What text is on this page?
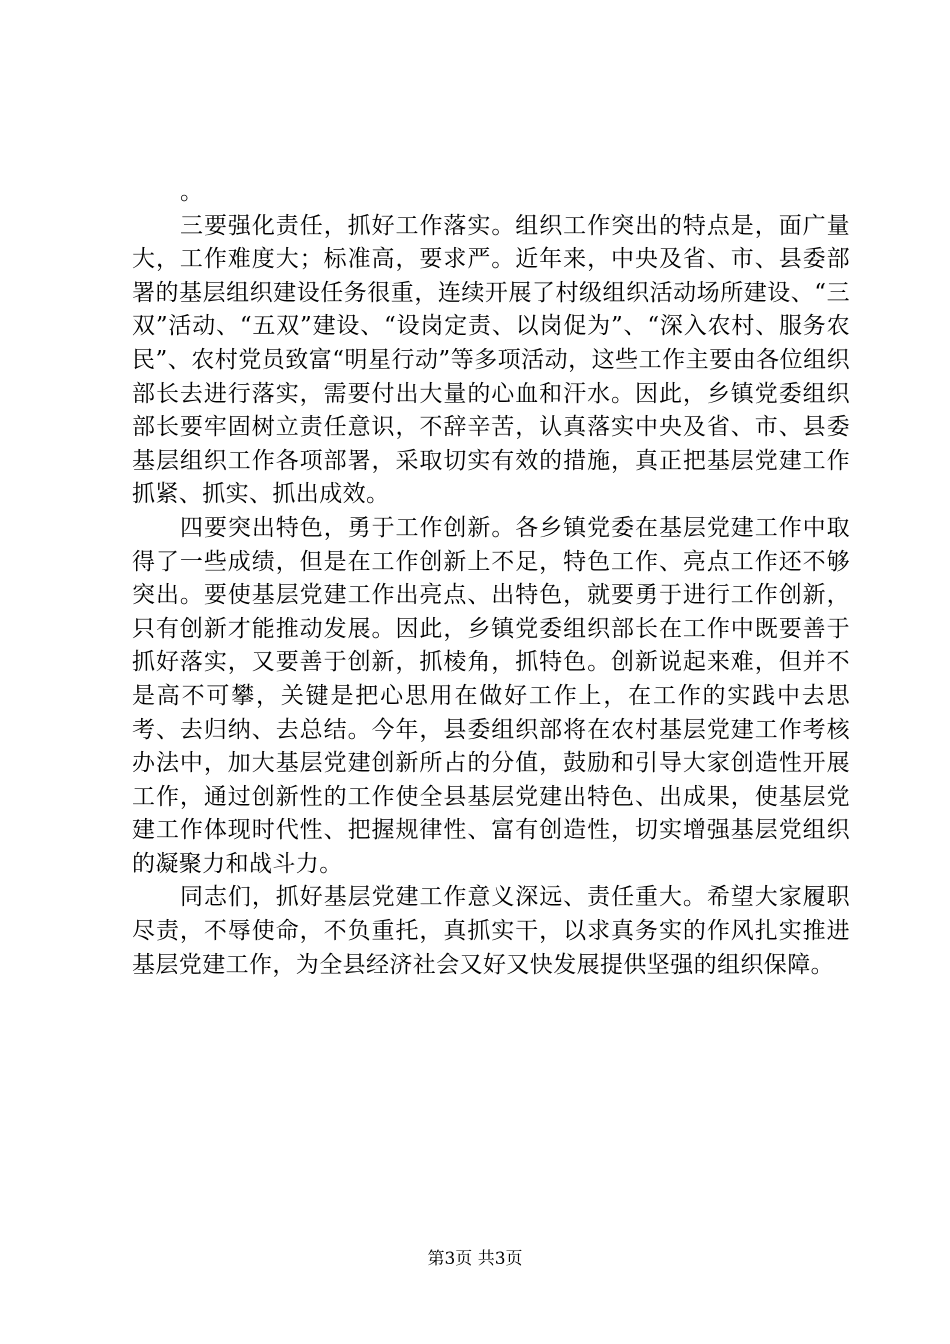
。

三要强化责任，抓好工作落实。组织工作突出的特点是，面广量大，工作难度大；标准高，要求严。近年来，中央及省、市、县委部署的基层组织建设任务很重，连续开展了村级组织活动场所建设、“三双”活动、“五双”建设、“设岗定责、以岗促为”、“深入农村、服务农民”、农村党员致富“明星行动”等多项活动，这些工作主要由各位组织部长去进行落实，需要付出大量的心血和汗水。因此，乡镇党委组织部长要牢固树立责任意识，不辞辛苦，认真落实中央及省、市、县委基层组织工作各项部署，采取切实有效的措施，真正把基层党建工作抓紧、抓实、抓出成效。

四要突出特色，勇于工作创新。各乡镇党委在基层党建工作中取得了一些成绩，但是在工作创新上不足，特色工作、亮点工作还不够突出。要使基层党建工作出亮点、出特色，就要勇于进行工作创新，只有创新才能推动发展。因此，乡镇党委组织部长在工作中既要善于抓好落实，又要善于创新，抓棱角，抓特色。创新说起来难，但并不是高不可攀，关键是把心思用在做好工作上，在工作的实践中去思考、去归纳、去总结。今年，县委组织部将在农村基层党建工作考核办法中，加大基层党建创新所占的分值，鼓励和引导大家创造性开展工作，通过创新性的工作使全县基层党建出特色、出成果，使基层党建工作体现时代性、把握规律性、富有创造性，切实增强基层党组织的凝聚力和战斗力。

同志们，抓好基层党建工作意义深远、责任重大。希望大家履职尽责，不辱使命，不负重托，真抓实干，以求真务实的作风扎实推进基层党建工作，为全县经济社会又好又快发展提供坚强的组织保障。

第3页 共3页
